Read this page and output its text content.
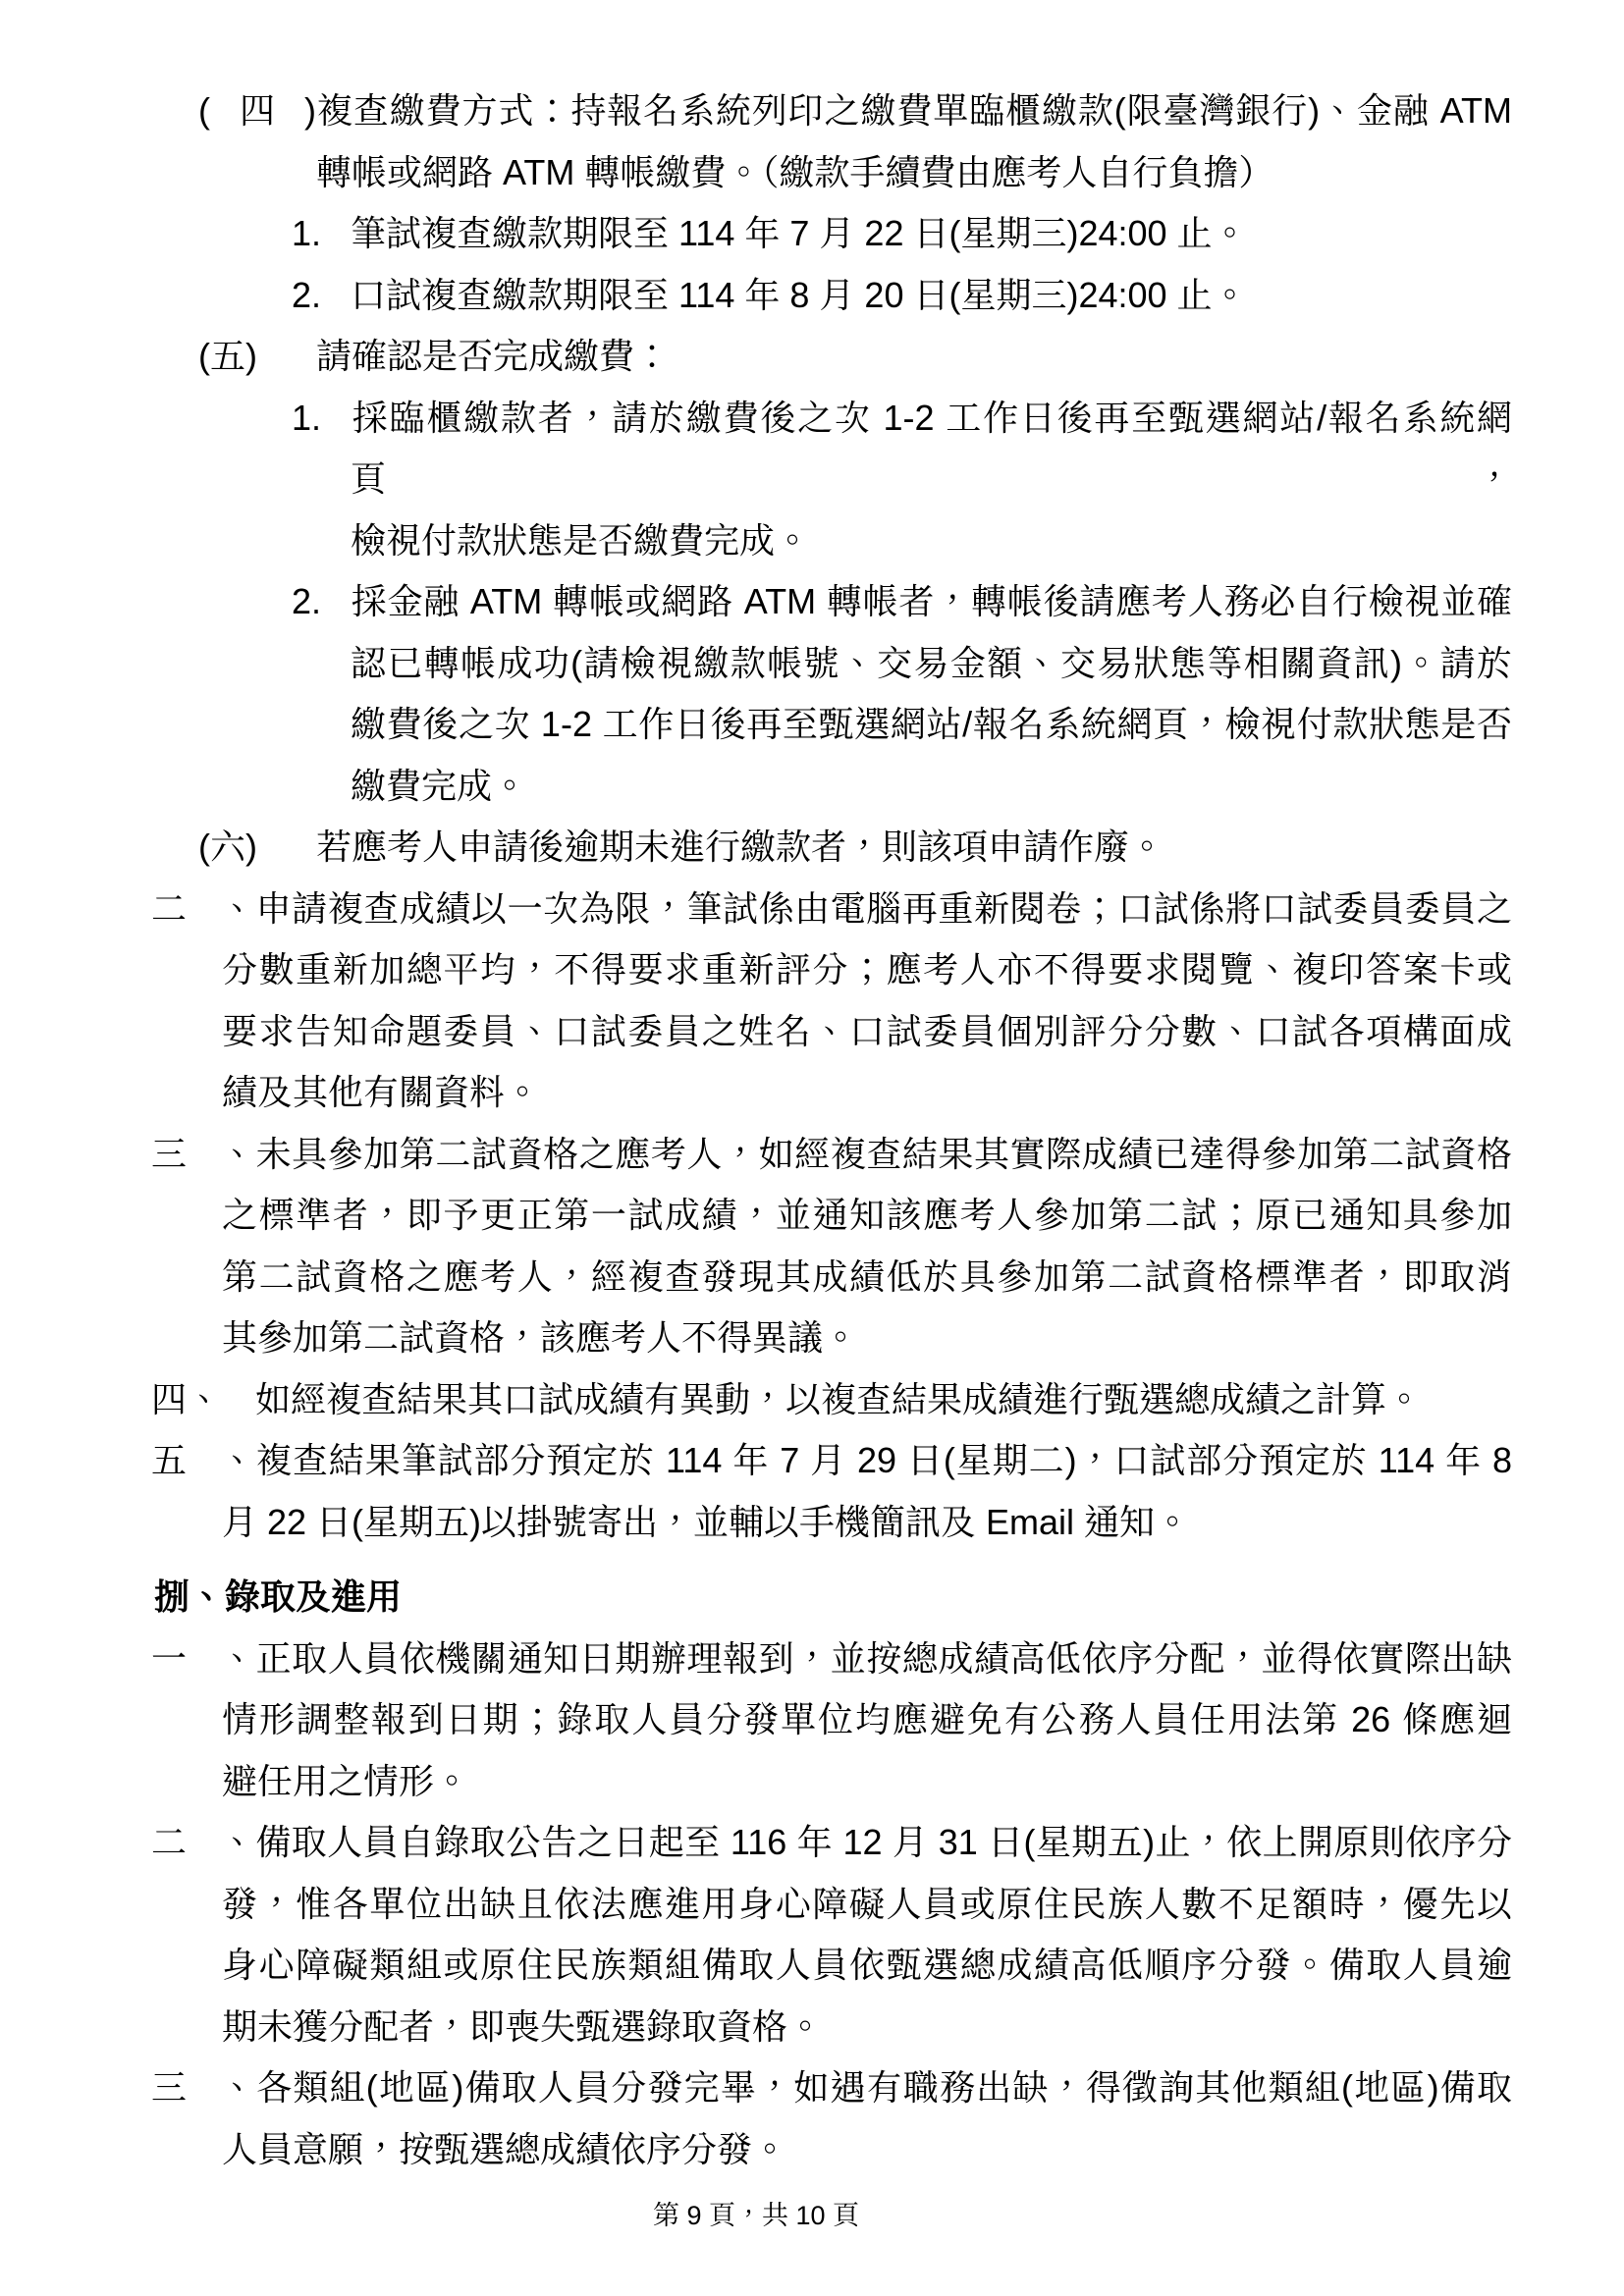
(四)複查繳費方式：持報名系統列印之繳費單臨櫃繳款(限臺灣銀行)、金融 ATM
轉帳或網路 ATM 轉帳繳費。（繳款手續費由應考人自行負擔）
1. 筆試複查繳款期限至 114 年 7 月 22 日(星期三)24:00 止。
2. 口試複查繳款期限至 114 年 8 月 20 日(星期三)24:00 止。
(五) 請確認是否完成繳費：
1. 採臨櫃繳款者，請於繳費後之次 1-2 工作日後再至甄選網站/報名系統網頁，
檢視付款狀態是否繳費完成。
2. 採金融 ATM 轉帳或網路 ATM 轉帳者，轉帳後請應考人務必自行檢視並確
認已轉帳成功(請檢視繳款帳號、交易金額、交易狀態等相關資訊)。請於
繳費後之次 1-2 工作日後再至甄選網站/報名系統網頁，檢視付款狀態是否
繳費完成。
(六) 若應考人申請後逾期未進行繳款者，則該項申請作廢。
二、申請複查成績以一次為限，筆試係由電腦再重新閱卷；口試係將口試委員委員之
分數重新加總平均，不得要求重新評分；應考人亦不得要求閱覽、複印答案卡或
要求告知命題委員、口試委員之姓名、口試委員個別評分分數、口試各項構面成
績及其他有關資料。
三、未具參加第二試資格之應考人，如經複查結果其實際成績已達得參加第二試資格
之標準者，即予更正第一試成績，並通知該應考人參加第二試；原已通知具參加
第二試資格之應考人，經複查發現其成績低於具參加第二試資格標準者，即取消
其參加第二試資格，該應考人不得異議。
四、 如經複查結果其口試成績有異動，以複查結果成績進行甄選總成績之計算。
五、複查結果筆試部分預定於 114 年 7 月 29 日(星期二)，口試部分預定於 114 年 8
月 22 日(星期五)以掛號寄出，並輔以手機簡訊及 Email 通知。
捌、錄取及進用
一、正取人員依機關通知日期辦理報到，並按總成績高低依序分配，並得依實際出缺
情形調整報到日期；錄取人員分發單位均應避免有公務人員任用法第 26 條應迴
避任用之情形。
二、備取人員自錄取公告之日起至 116 年 12 月 31 日(星期五)止，依上開原則依序分
發，惟各單位出缺且依法應進用身心障礙人員或原住民族人數不足額時，優先以
身心障礙類組或原住民族類組備取人員依甄選總成績高低順序分發。備取人員逾
期未獲分配者，即喪失甄選錄取資格。
三、各類組(地區)備取人員分發完畢，如遇有職務出缺，得徵詢其他類組(地區)備取
人員意願，按甄選總成績依序分發。
第 9 頁，共 10 頁
